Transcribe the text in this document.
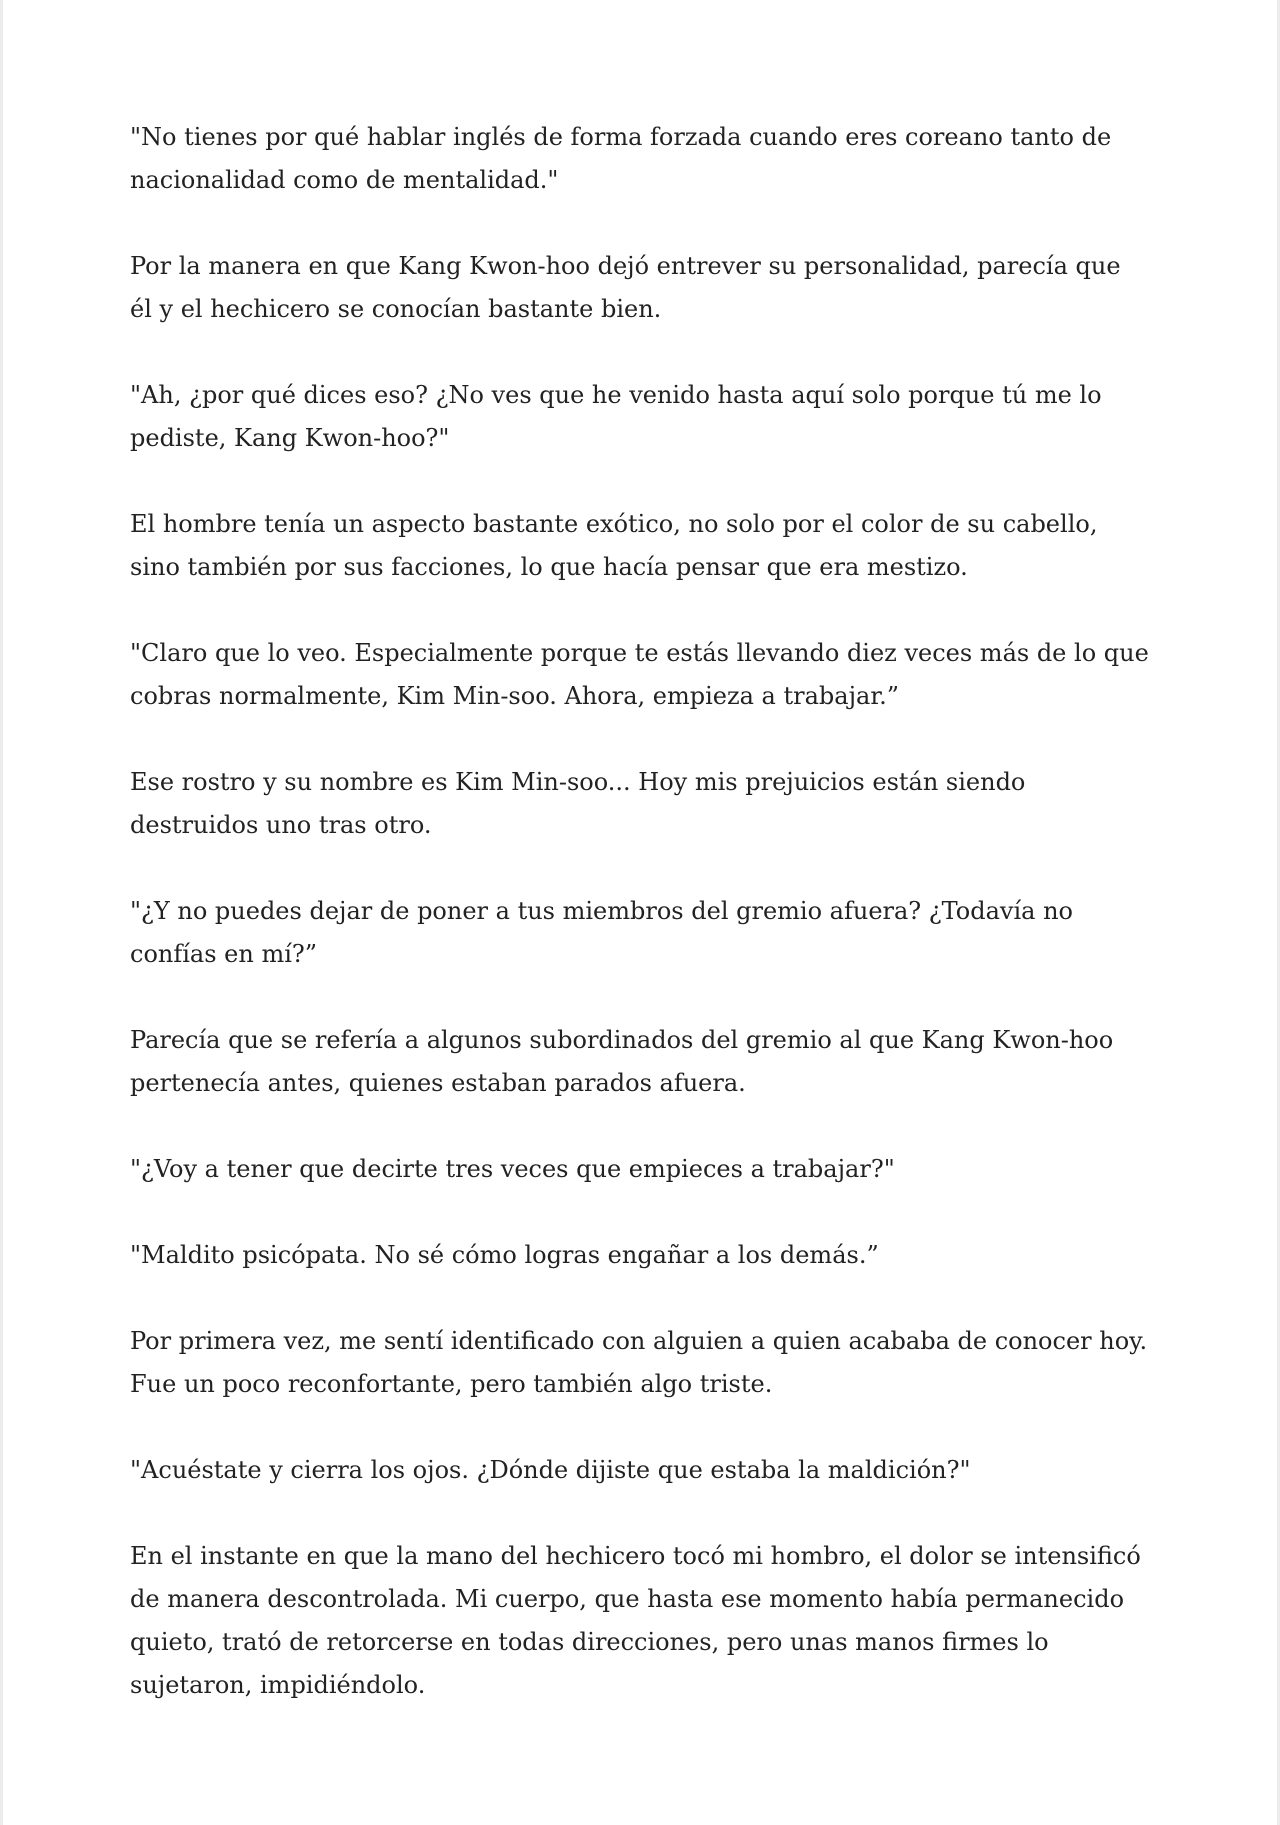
"No tienes por qué hablar inglés de forma forzada cuando eres coreano tanto de nacionalidad como de mentalidad."

Por la manera en que Kang Kwon-hoo dejó entrever su personalidad, parecía que él y el hechicero se conocían bastante bien.

"Ah, ¿por qué dices eso? ¿No ves que he venido hasta aquí solo porque tú me lo pediste, Kang Kwon-hoo?"

El hombre tenía un aspecto bastante exótico, no solo por el color de su cabello, sino también por sus facciones, lo que hacía pensar que era mestizo.

"Claro que lo veo. Especialmente porque te estás llevando diez veces más de lo que cobras normalmente, Kim Min-soo. Ahora, empieza a trabajar.”

Ese rostro y su nombre es Kim Min-soo... Hoy mis prejuicios están siendo destruidos uno tras otro.

"¿Y no puedes dejar de poner a tus miembros del gremio afuera? ¿Todavía no confías en mí?”

Parecía que se refería a algunos subordinados del gremio al que Kang Kwon-hoo pertenecía antes, quienes estaban parados afuera.

"¿Voy a tener que decirte tres veces que empieces a trabajar?"

"Maldito psicópata. No sé cómo logras engañar a los demás.”

Por primera vez, me sentí identificado con alguien a quien acababa de conocer hoy. Fue un poco reconfortante, pero también algo triste.

"Acuéstate y cierra los ojos. ¿Dónde dijiste que estaba la maldición?"

En el instante en que la mano del hechicero tocó mi hombro, el dolor se intensificó de manera descontrolada. Mi cuerpo, que hasta ese momento había permanecido quieto, trató de retorcerse en todas direcciones, pero unas manos firmes lo sujetaron, impidiéndolo.
